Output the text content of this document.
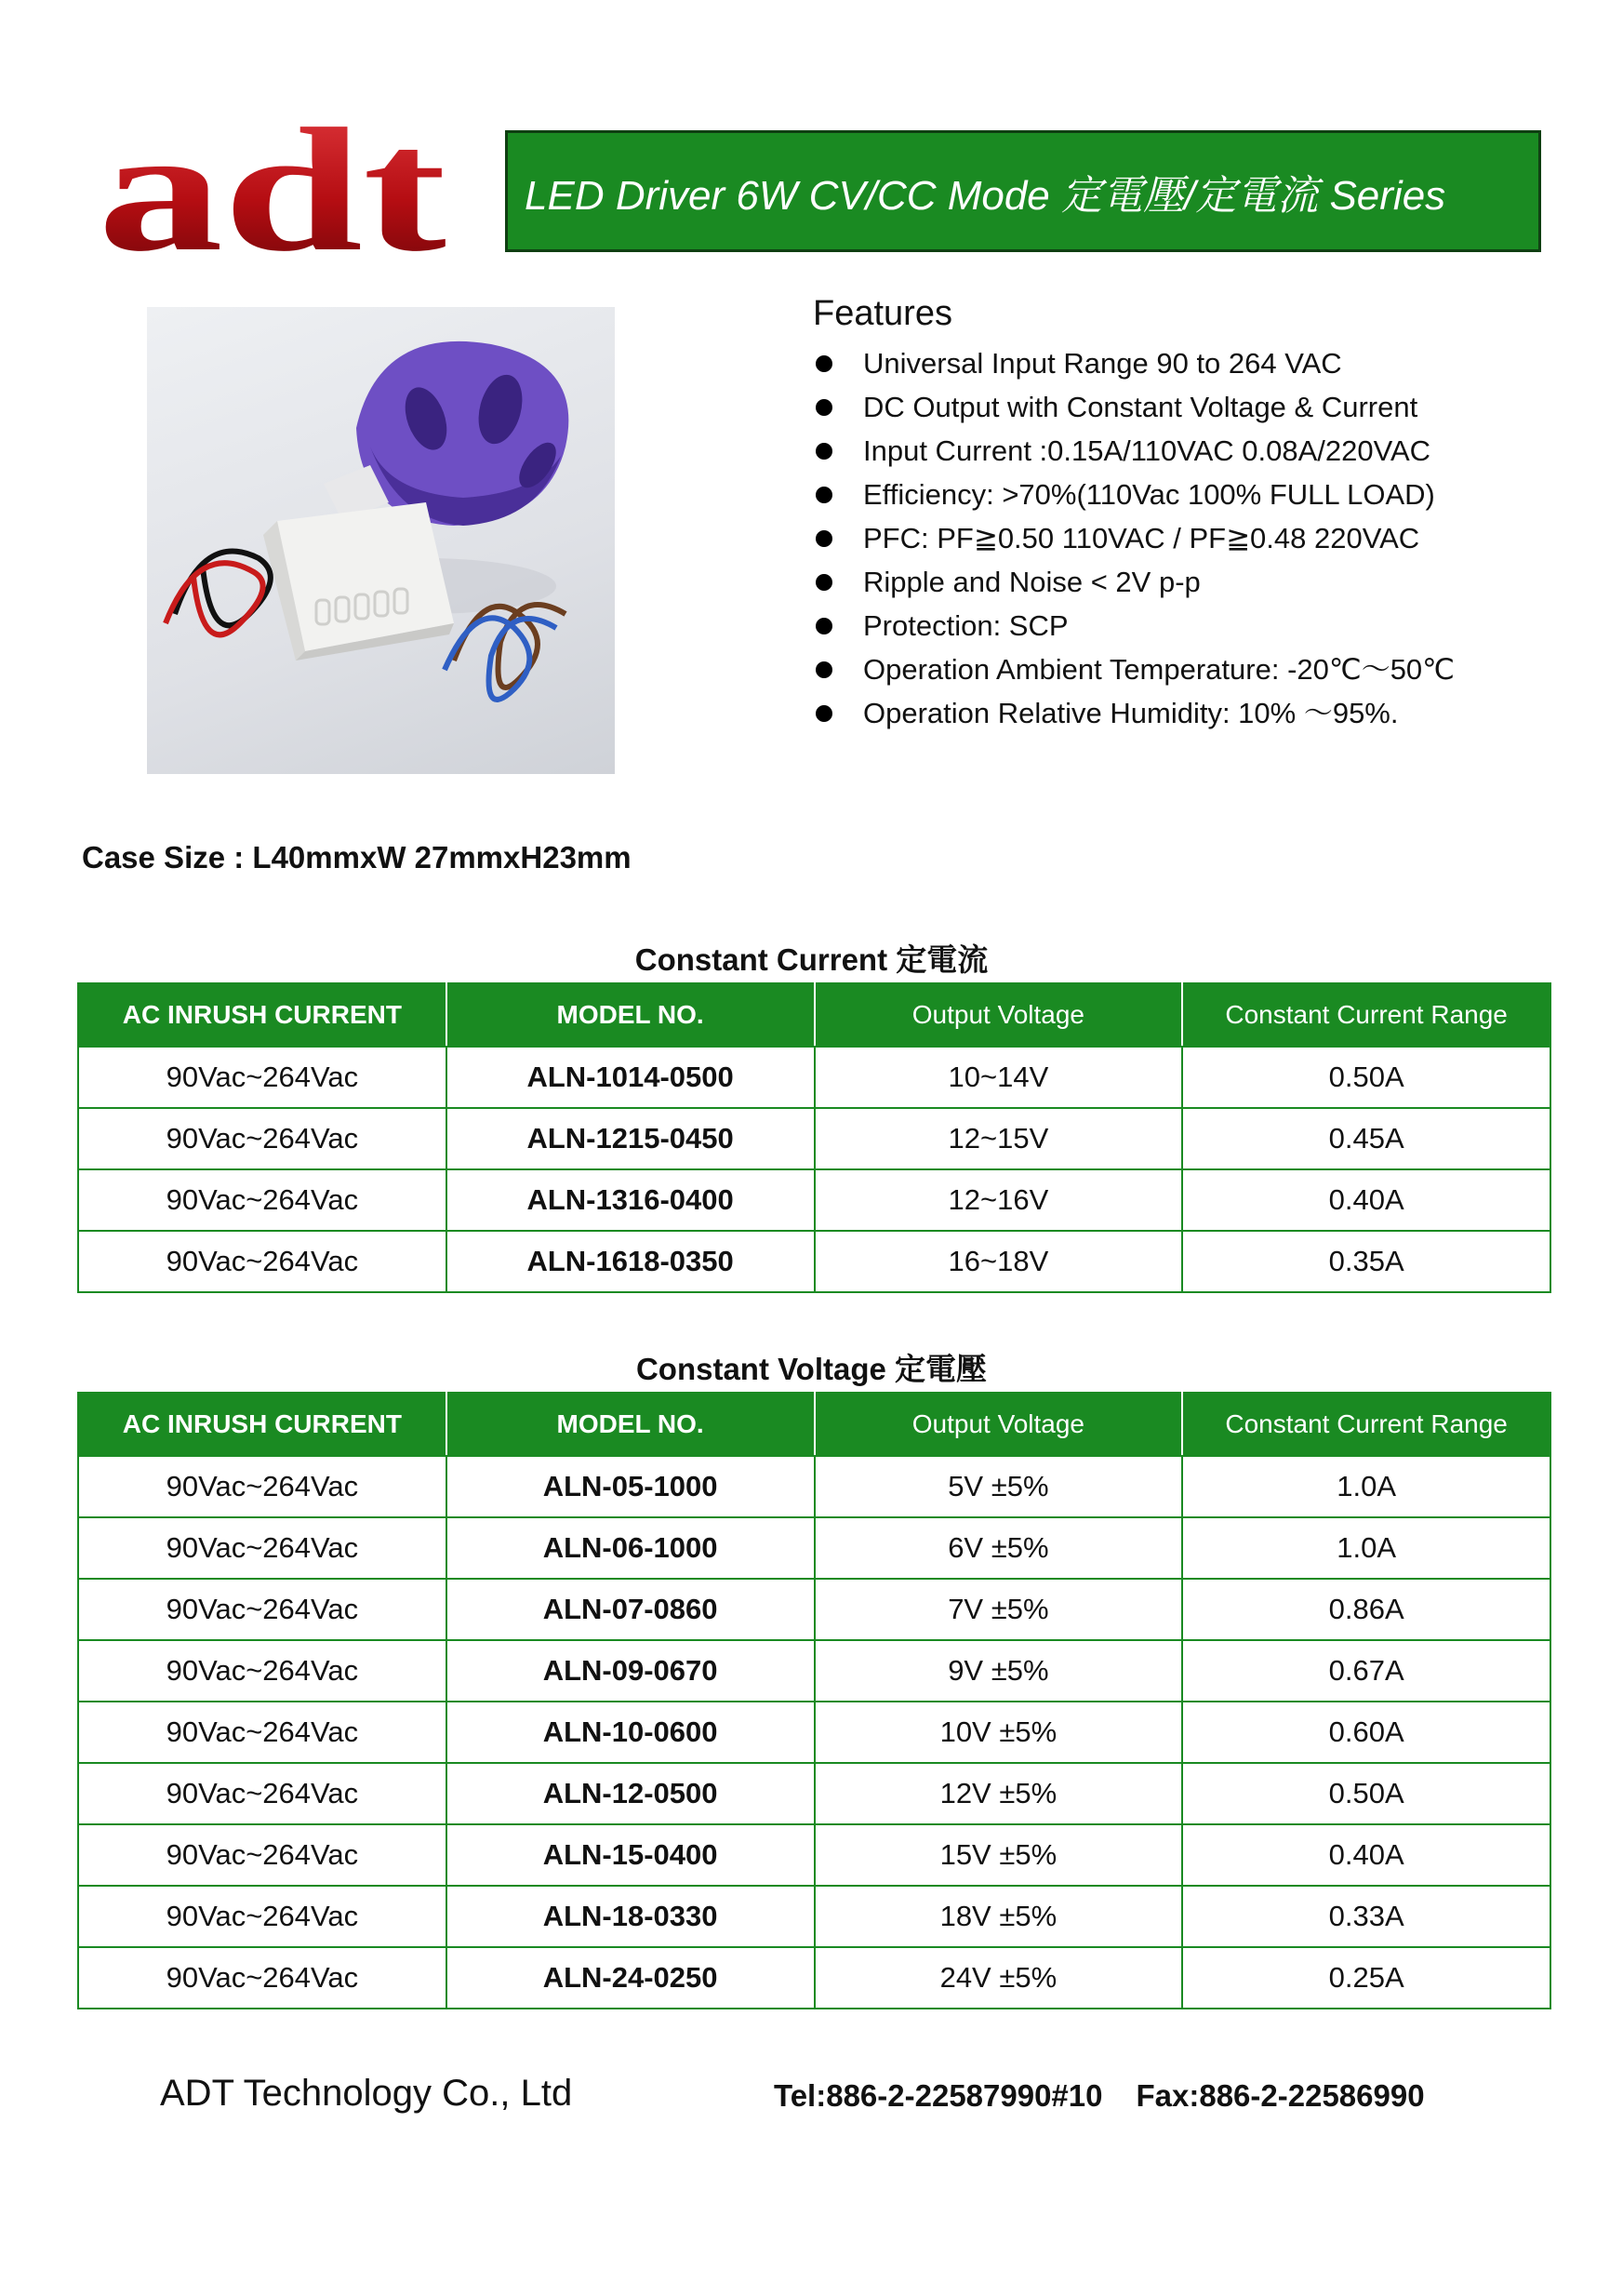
adt	LED Driver 6W CV/CC Mode 定電壓/定電流 Series
Features
Universal Input Range 90 to 264 VAC
DC Output with Constant Voltage & Current
Input Current :0.15A/110VAC 0.08A/220VAC
Efficiency: >70%(110Vac 100% FULL LOAD)
PFC: PF≧0.50 110VAC / PF≧0.48 220VAC
Ripple and Noise < 2V p-p
Protection: SCP
Operation Ambient Temperature: -20℃～50℃
Operation Relative Humidity: 10% ～95%.
Case Size : L40mmxW 27mmxH23mm
Constant Current 定電流
AC INRUSH CURRENT	MODEL NO.	Output Voltage	Constant Current Range
90Vac~264Vac	ALN-1014-0500	10~14V	0.50A
90Vac~264Vac	ALN-1215-0450	12~15V	0.45A
90Vac~264Vac	ALN-1316-0400	12~16V	0.40A
90Vac~264Vac	ALN-1618-0350	16~18V	0.35A
Constant Voltage 定電壓
AC INRUSH CURRENT	MODEL NO.	Output Voltage	Constant Current Range
90Vac~264Vac	ALN-05-1000	5V ±5%	1.0A
90Vac~264Vac	ALN-06-1000	6V ±5%	1.0A
90Vac~264Vac	ALN-07-0860	7V ±5%	0.86A
90Vac~264Vac	ALN-09-0670	9V ±5%	0.67A
90Vac~264Vac	ALN-10-0600	10V ±5%	0.60A
90Vac~264Vac	ALN-12-0500	12V ±5%	0.50A
90Vac~264Vac	ALN-15-0400	15V ±5%	0.40A
90Vac~264Vac	ALN-18-0330	18V ±5%	0.33A
90Vac~264Vac	ALN-24-0250	24V ±5%	0.25A
ADT Technology Co., Ltd	Tel:886-2-22587990#10 Fax:886-2-22586990
